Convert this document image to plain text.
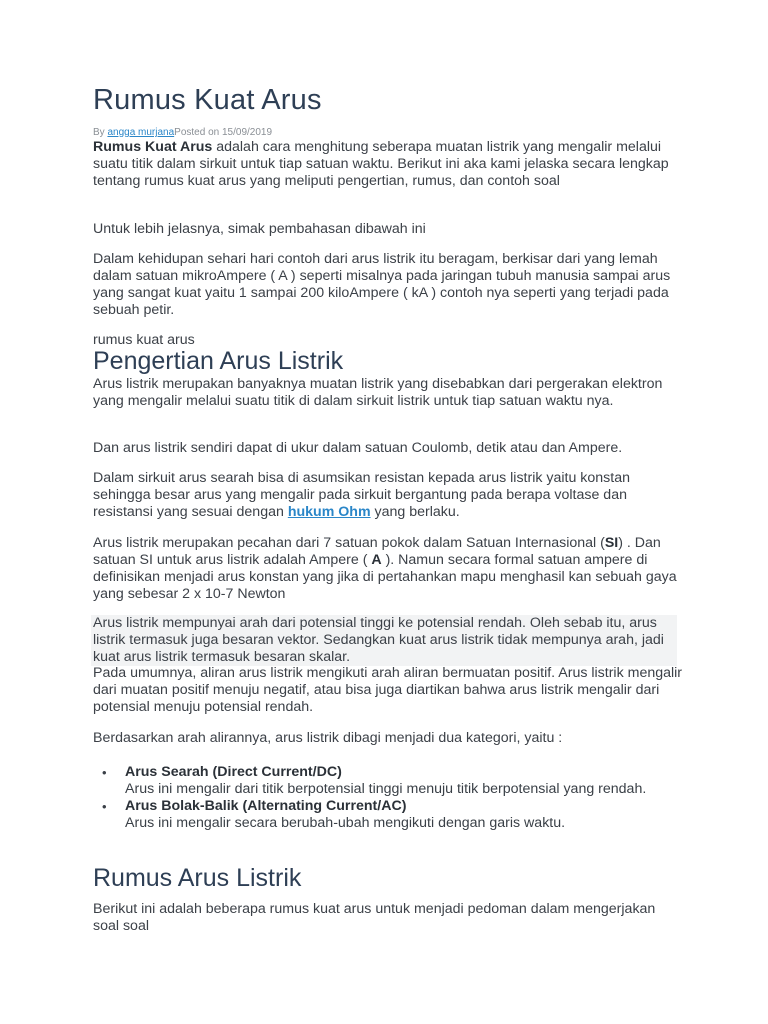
Rumus Kuat Arus
By angga murjanaPosted on 15/09/2019

Rumus Kuat Arus adalah cara menghitung seberapa muatan listrik yang mengalir melalui suatu titik dalam sirkuit untuk tiap satuan waktu. Berikut ini aka kami jelaska secara lengkap tentang rumus kuat arus yang meliputi pengertian, rumus, dan contoh soal

Untuk lebih jelasnya, simak pembahasan dibawah ini

Dalam kehidupan sehari hari contoh dari arus listrik itu beragam, berkisar dari yang lemah dalam satuan mikroAmpere ( A ) seperti misalnya pada jaringan tubuh manusia sampai arus yang sangat kuat yaitu 1 sampai 200 kiloAmpere ( kA ) contoh nya seperti yang terjadi pada sebuah petir.

rumus kuat arus

Pengertian Arus Listrik

Arus listrik merupakan banyaknya muatan listrik yang disebabkan dari pergerakan elektron yang mengalir melalui suatu titik di dalam sirkuit listrik untuk tiap satuan waktu nya.

Dan arus listrik sendiri dapat di ukur dalam satuan Coulomb, detik atau dan Ampere.

Dalam sirkuit arus searah bisa di asumsikan resistan kepada arus listrik yaitu konstan sehingga besar arus yang mengalir pada sirkuit bergantung pada berapa voltase dan resistansi yang sesuai dengan hukum Ohm yang berlaku.

Arus listrik merupakan pecahan dari 7 satuan pokok dalam Satuan Internasional (SI) . Dan satuan SI untuk arus listrik adalah Ampere ( A ). Namun secara formal satuan ampere di definisikan menjadi arus konstan yang jika di pertahankan mapu menghasil kan sebuah gaya yang sebesar 2 x 10-7 Newton

Arus listrik mempunyai arah dari potensial tinggi ke potensial rendah. Oleh sebab itu, arus listrik termasuk juga besaran vektor. Sedangkan kuat arus listrik tidak mempunya arah, jadi kuat arus listrik termasuk besaran skalar.

Pada umumnya, aliran arus listrik mengikuti arah aliran bermuatan positif. Arus listrik mengalir dari muatan positif menuju negatif, atau bisa juga diartikan bahwa arus listrik mengalir dari potensial menuju potensial rendah.

Berdasarkan arah alirannya, arus listrik dibagi menjadi dua kategori, yaitu :

• Arus Searah (Direct Current/DC)
Arus ini mengalir dari titik berpotensial tinggi menuju titik berpotensial yang rendah.
• Arus Bolak-Balik (Alternating Current/AC)
Arus ini mengalir secara berubah-ubah mengikuti dengan garis waktu.
Rumus Arus Listrik

Berikut ini adalah beberapa rumus kuat arus untuk menjadi pedoman dalam mengerjakan soal soal
